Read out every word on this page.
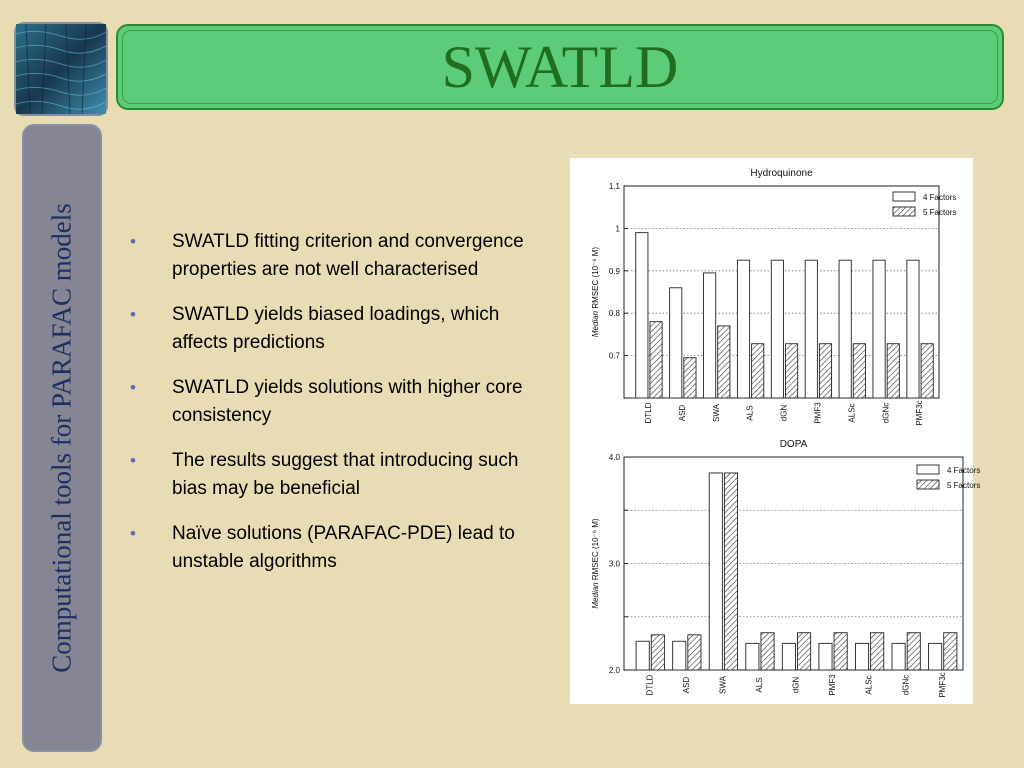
SWATLD
Computational tools for PARAFAC models	• SWATLD fitting criterion and convergence properties are not well characterised
• SWATLD yields biased loadings, which affects predictions
• SWATLD yields solutions with higher core consistency
• The results suggest that introducing such bias may be beneficial
• Naïve solutions (PARAFAC-PDE) lead to unstable algorithms
Hydroquinone
0.7
0.8
0.9
1
1.1
Median RMSEC (10⁻⁶ M)
DTLD	ASD	SWA	ALS	dGN	PMF3	ALSc	dGNc	PMF3c
4 Factors
5 Factors
DOPA
2.0
3.0
4.0
Median RMSEC (10⁻⁶ M)
DTLD	ASD	SWA	ALS	dGN	PMF3	ALSc	dGNc	PMF3c
4 Factors
5 Factors
